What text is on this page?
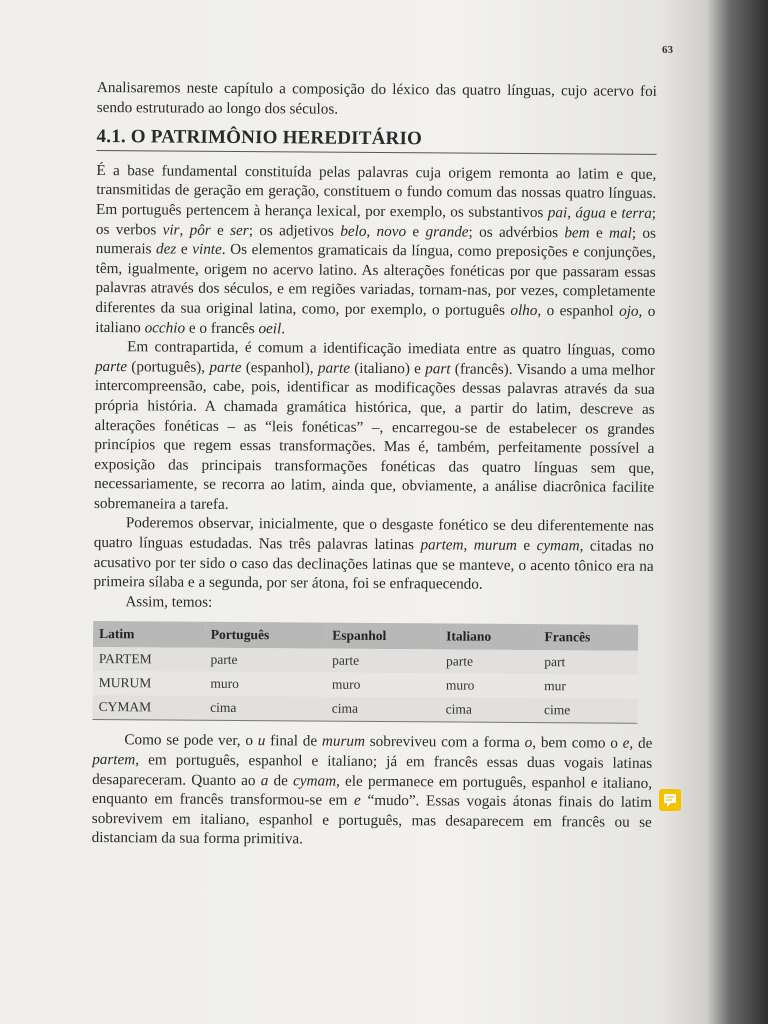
63

Analisaremos neste capítulo a composição do léxico das quatro línguas, cujo acervo foi sendo estruturado ao longo dos séculos.

4.1. O PATRIMÔNIO HEREDITÁRIO

É a base fundamental constituída pelas palavras cuja origem remonta ao latim e que, transmitidas de geração em geração, constituem o fundo comum das nossas quatro línguas. Em português pertencem à herança lexical, por exemplo, os substantivos pai, água e terra; os verbos vir, pôr e ser; os adjetivos belo, novo e grande; os advérbios bem e mal; os numerais dez e vinte. Os elementos gramaticais da língua, como preposições e conjunções, têm, igualmente, origem no acervo latino. As alterações fonéticas por que passaram essas palavras através dos séculos, e em regiões variadas, tornam-nas, por vezes, completamente diferentes da sua original latina, como, por exemplo, o português olho, o espanhol ojo, o italiano occhio e o francês oeil.

Em contrapartida, é comum a identificação imediata entre as quatro línguas, como parte (português), parte (espanhol), parte (italiano) e part (francês). Visando a uma melhor intercompreensão, cabe, pois, identificar as modificações dessas palavras através da sua própria história. A chamada gramática histórica, que, a partir do latim, descreve as alterações fonéticas – as “leis fonéticas” –, encarregou-se de estabelecer os grandes princípios que regem essas transformações. Mas é, também, perfeitamente possível a exposição das principais transformações fonéticas das quatro línguas sem que, necessariamente, se recorra ao latim, ainda que, obviamente, a análise diacrônica facilite sobremaneira a tarefa.

Poderemos observar, inicialmente, que o desgaste fonético se deu diferentemente nas quatro línguas estudadas. Nas três palavras latinas partem, murum e cymam, citadas no acusativo por ter sido o caso das declinações latinas que se manteve, o acento tônico era na primeira sílaba e a segunda, por ser átona, foi se enfraquecendo.

Assim, temos:

Latim	Português	Espanhol	Italiano	Francês
PARTEM	parte	parte	parte	part
MURUM	muro	muro	muro	mur
CYMAM	cima	cima	cima	cime

Como se pode ver, o u final de murum sobreviveu com a forma o, bem como o e, de partem, em português, espanhol e italiano; já em francês essas duas vogais latinas desapareceram. Quanto ao a de cymam, ele permanece em português, espanhol e italiano, enquanto em francês transformou-se em e “mudo”. Essas vogais átonas finais do latim sobrevivem em italiano, espanhol e português, mas desaparecem em francês ou se distanciam da sua forma primitiva.
